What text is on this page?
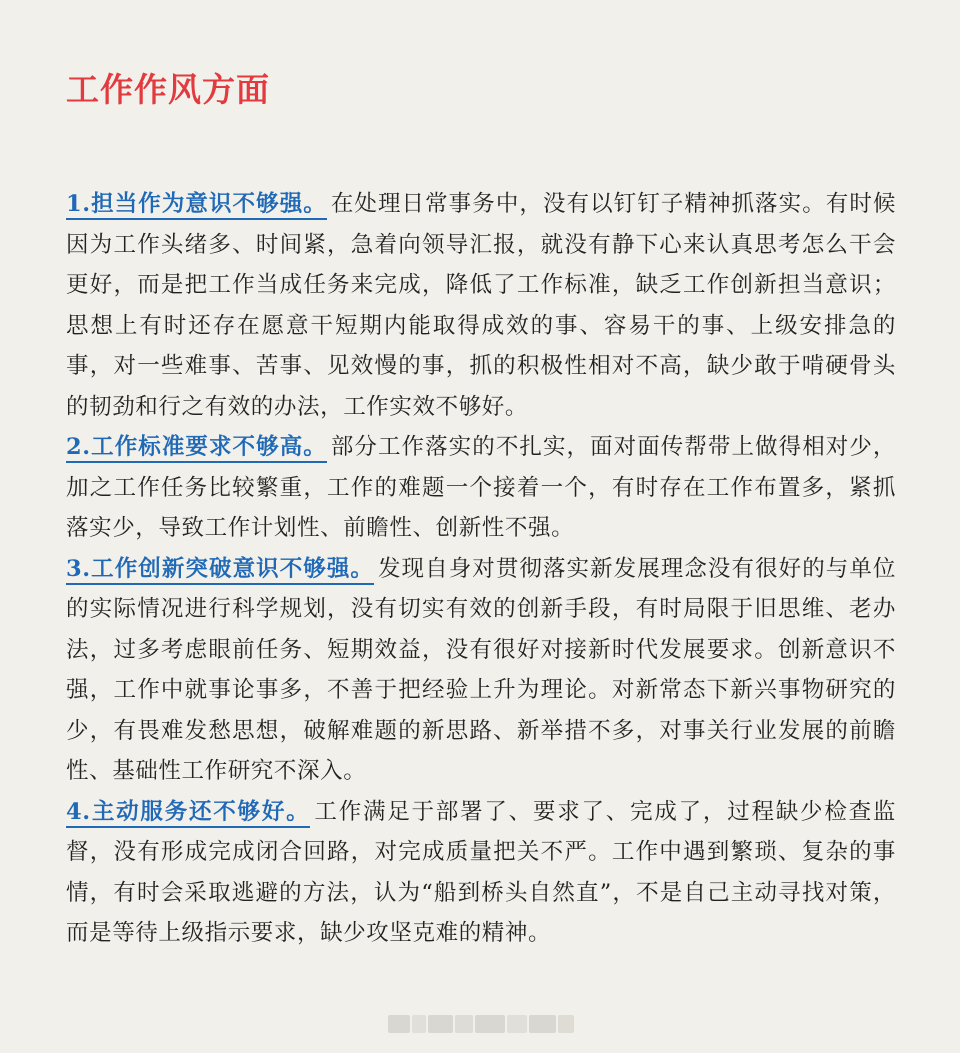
工作作风方面

1.担当作为意识不够强。 在处理日常事务中，没有以钉钉子精神抓落实。有时候因为工作头绪多、时间紧，急着向领导汇报，就没有静下心来认真思考怎么干会更好，而是把工作当成任务来完成，降低了工作标准，缺乏工作创新担当意识；思想上有时还存在愿意干短期内能取得成效的事、容易干的事、上级安排急的事，对一些难事、苦事、见效慢的事，抓的积极性相对不高，缺少敢于啃硬骨头的韧劲和行之有效的办法，工作实效不够好。

2.工作标准要求不够高。 部分工作落实的不扎实，面对面传帮带上做得相对少，加之工作任务比较繁重，工作的难题一个接着一个，有时存在工作布置多，紧抓落实少，导致工作计划性、前瞻性、创新性不强。

3.工作创新突破意识不够强。 发现自身对贯彻落实新发展理念没有很好的与单位的实际情况进行科学规划，没有切实有效的创新手段，有时局限于旧思维、老办法，过多考虑眼前任务、短期效益，没有很好对接新时代发展要求。创新意识不强，工作中就事论事多，不善于把经验上升为理论。对新常态下新兴事物研究的少，有畏难发愁思想，破解难题的新思路、新举措不多，对事关行业发展的前瞻性、基础性工作研究不深入。

4.主动服务还不够好。 工作满足于部署了、要求了、完成了，过程缺少检查监督，没有形成完成闭合回路，对完成质量把关不严。工作中遇到繁琐、复杂的事情，有时会采取逃避的方法，认为“船到桥头自然直”，不是自己主动寻找对策，而是等待上级指示要求，缺少攻坚克难的精神。
